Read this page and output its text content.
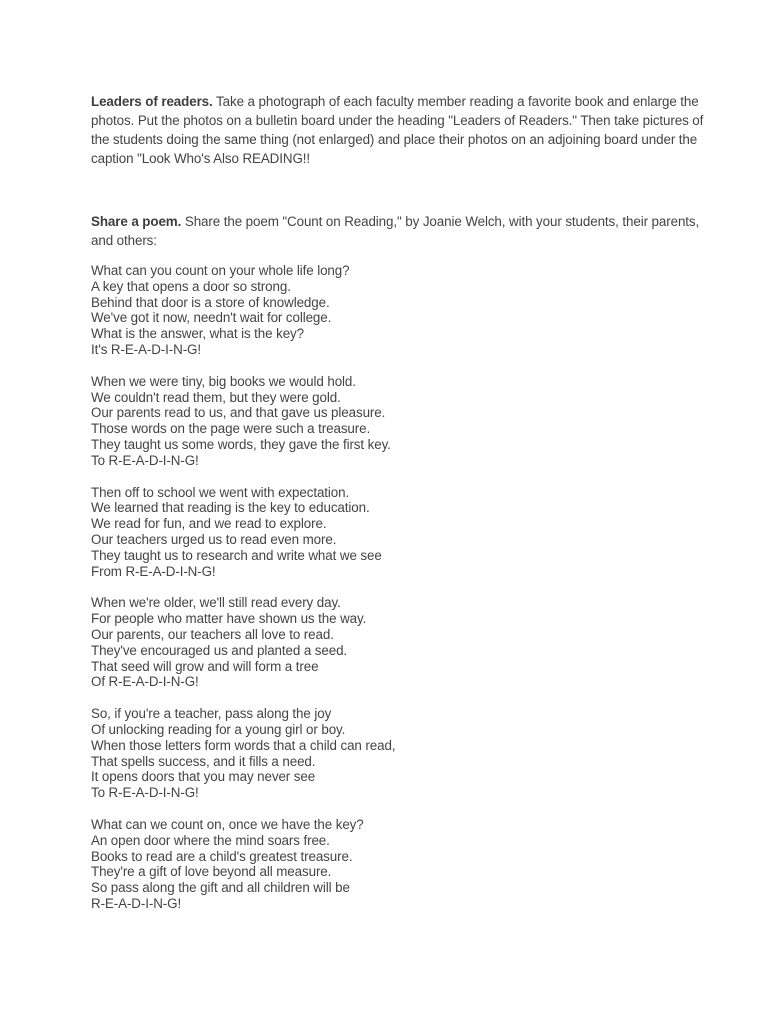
Leaders of readers. Take a photograph of each faculty member reading a favorite book and enlarge the photos. Put the photos on a bulletin board under the heading "Leaders of Readers." Then take pictures of the students doing the same thing (not enlarged) and place their photos on an adjoining board under the caption "Look Who's Also READING!!

Share a poem. Share the poem "Count on Reading," by Joanie Welch, with your students, their parents, and others:

What can you count on your whole life long?
A key that opens a door so strong.
Behind that door is a store of knowledge.
We've got it now, needn't wait for college.
What is the answer, what is the key?
It's R-E-A-D-I-N-G!
When we were tiny, big books we would hold.
We couldn't read them, but they were gold.
Our parents read to us, and that gave us pleasure.
Those words on the page were such a treasure.
They taught us some words, they gave the first key.
To R-E-A-D-I-N-G!
Then off to school we went with expectation.
We learned that reading is the key to education.
We read for fun, and we read to explore.
Our teachers urged us to read even more.
They taught us to research and write what we see
From R-E-A-D-I-N-G!
When we're older, we'll still read every day.
For people who matter have shown us the way.
Our parents, our teachers all love to read.
They've encouraged us and planted a seed.
That seed will grow and will form a tree
Of R-E-A-D-I-N-G!
So, if you're a teacher, pass along the joy
Of unlocking reading for a young girl or boy.
When those letters form words that a child can read,
That spells success, and it fills a need.
It opens doors that you may never see
To R-E-A-D-I-N-G!
What can we count on, once we have the key?
An open door where the mind soars free.
Books to read are a child's greatest treasure.
They're a gift of love beyond all measure.
So pass along the gift and all children will be
R-E-A-D-I-N-G!
